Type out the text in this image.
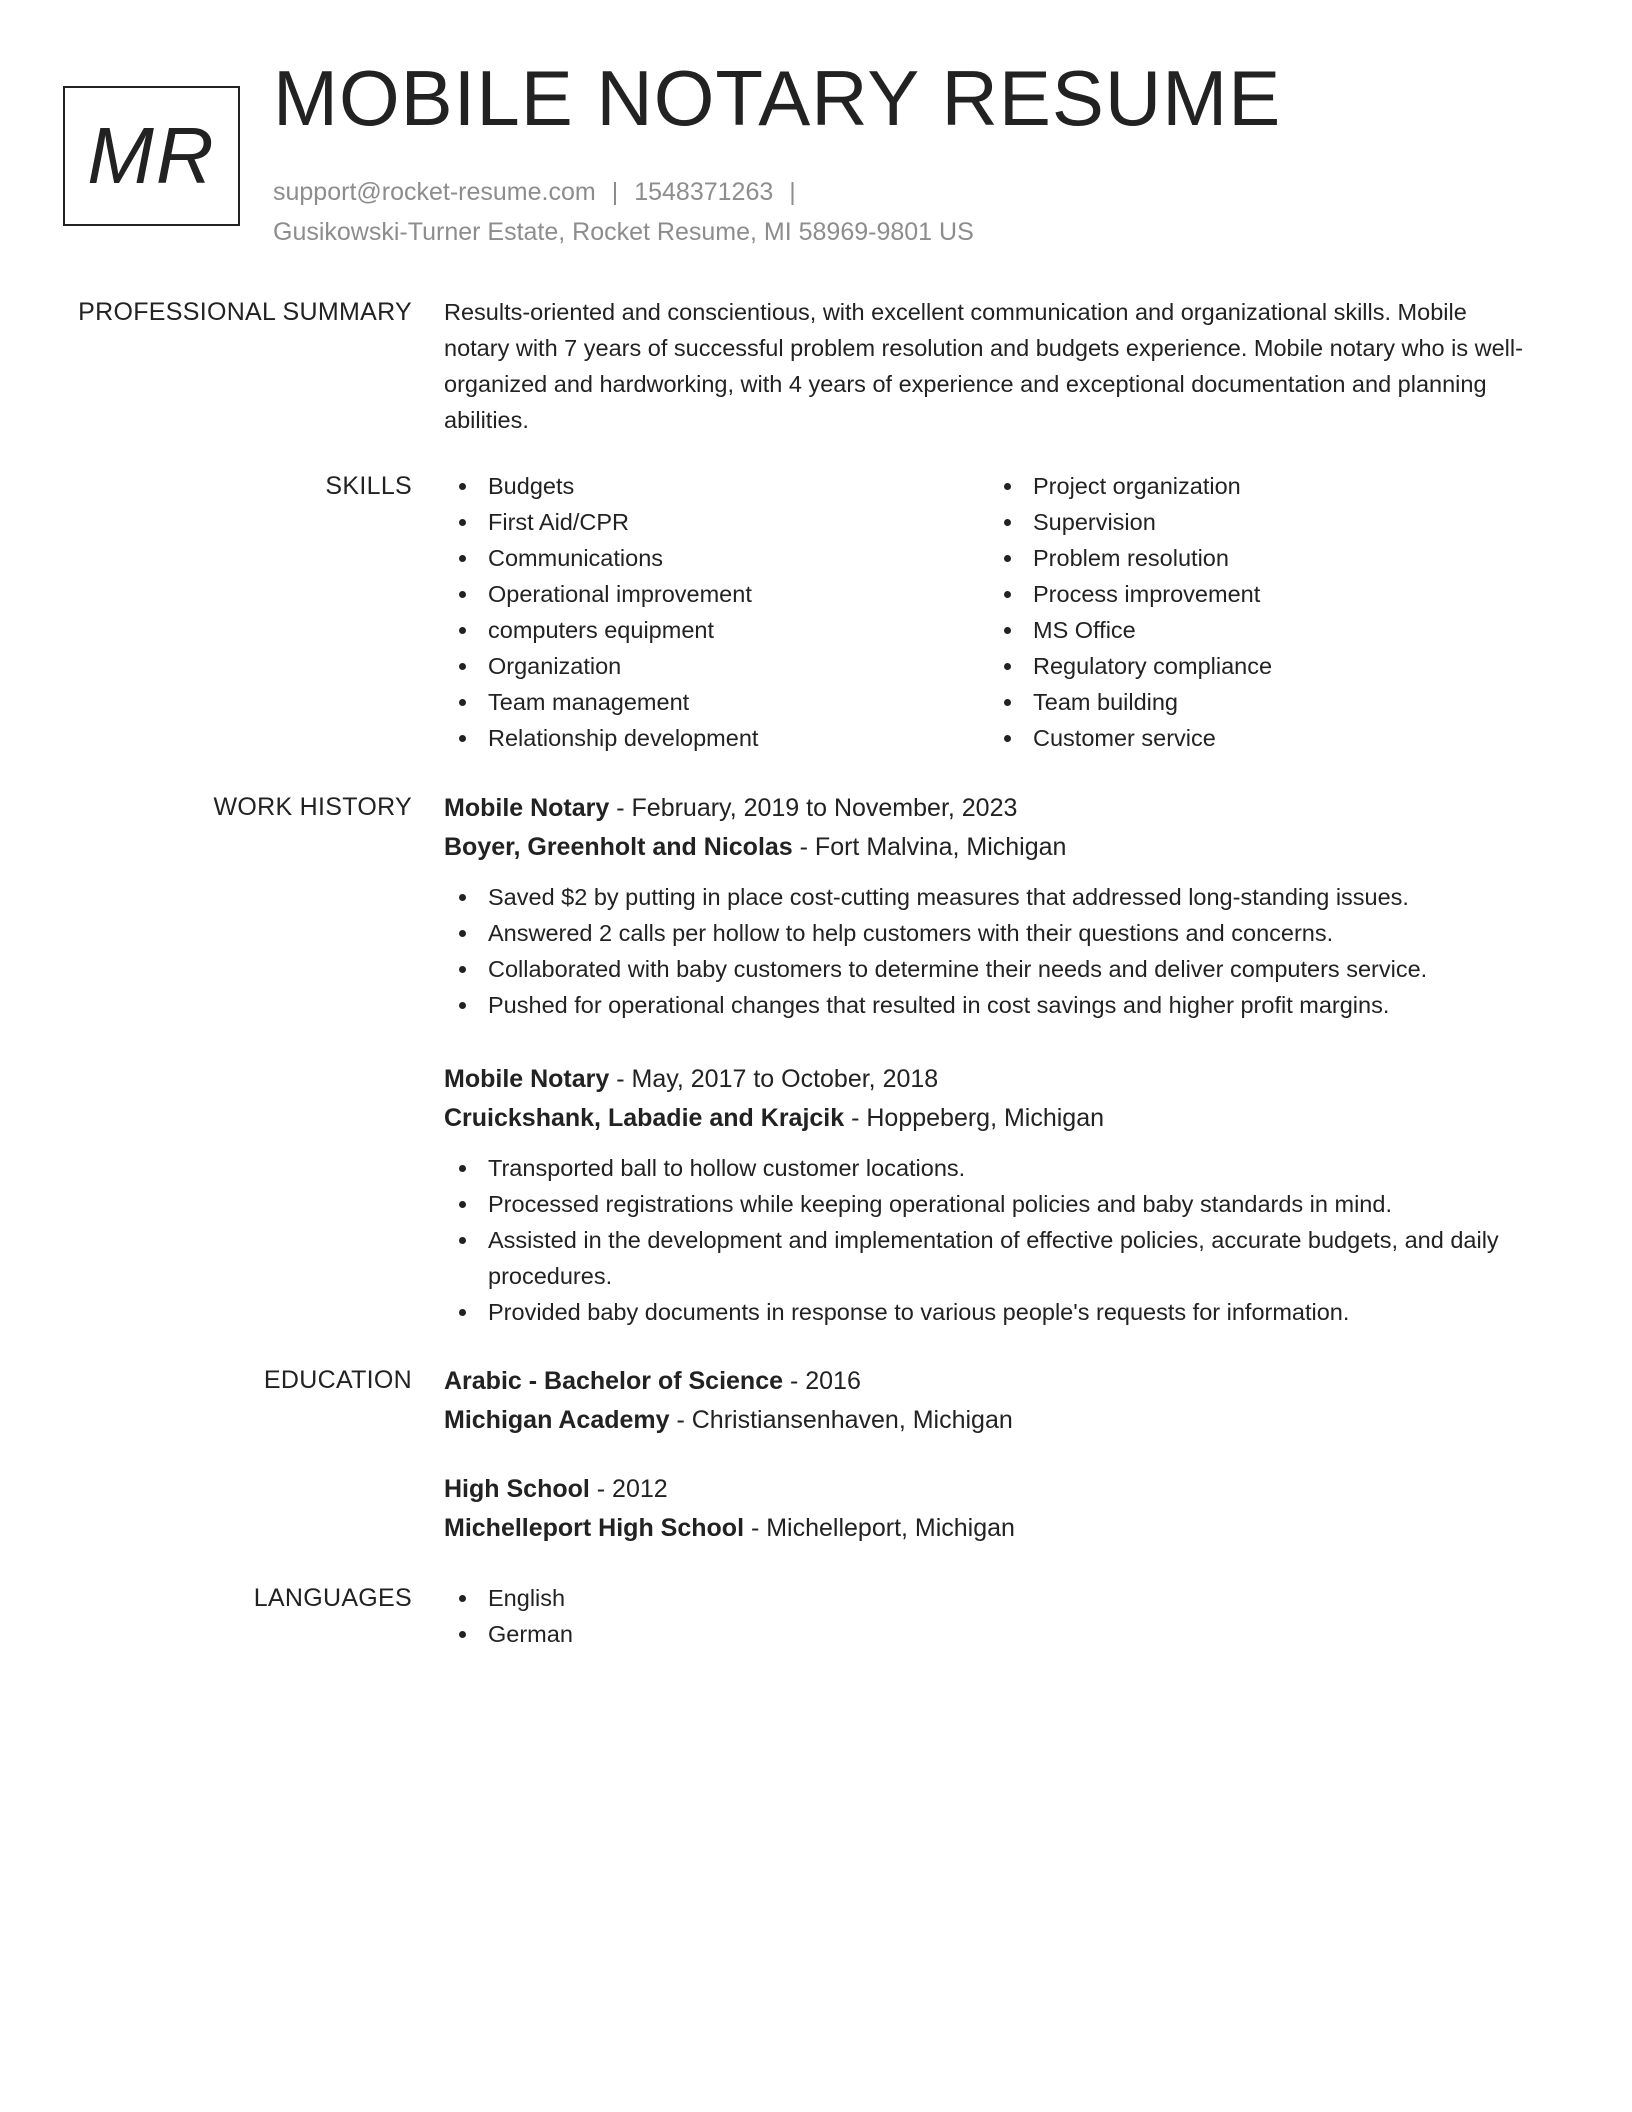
MR
MOBILE NOTARY RESUME
support@rocket-resume.com | 1548371263 |
Gusikowski-Turner Estate, Rocket Resume, MI 58969-9801 US
PROFESSIONAL SUMMARY Results-oriented and conscientious, with excellent communication and organizational skills. Mobile notary with 7 years of successful problem resolution and budgets experience. Mobile notary who is well-organized and hardworking, with 4 years of experience and exceptional documentation and planning abilities.

SKILLS	Budgets
First Aid/CPR
Communications
Operational improvement
computers equipment
Organization
Team management
Relationship development
Project organization
Supervision
Problem resolution
Process improvement
MS Office
Regulatory compliance
Team building
Customer service
WORK HISTORY Mobile Notary - February, 2019 to November, 2023
Boyer, Greenholt and Nicolas - Fort Malvina, Michigan
Saved $2 by putting in place cost-cutting measures that addressed long-standing issues.
Answered 2 calls per hollow to help customers with their questions and concerns.
Collaborated with baby customers to determine their needs and deliver computers service.
Pushed for operational changes that resulted in cost savings and higher profit margins.
Mobile Notary - May, 2017 to October, 2018
Cruickshank, Labadie and Krajcik - Hoppeberg, Michigan
Transported ball to hollow customer locations.
Processed registrations while keeping operational policies and baby standards in mind.
Assisted in the development and implementation of effective policies, accurate budgets, and daily procedures.
Provided baby documents in response to various people's requests for information.
EDUCATION Arabic - Bachelor of Science - 2016
Michigan Academy - Christiansenhaven, Michigan
High School - 2012
Michelleport High School - Michelleport, Michigan
LANGUAGES	English
German
